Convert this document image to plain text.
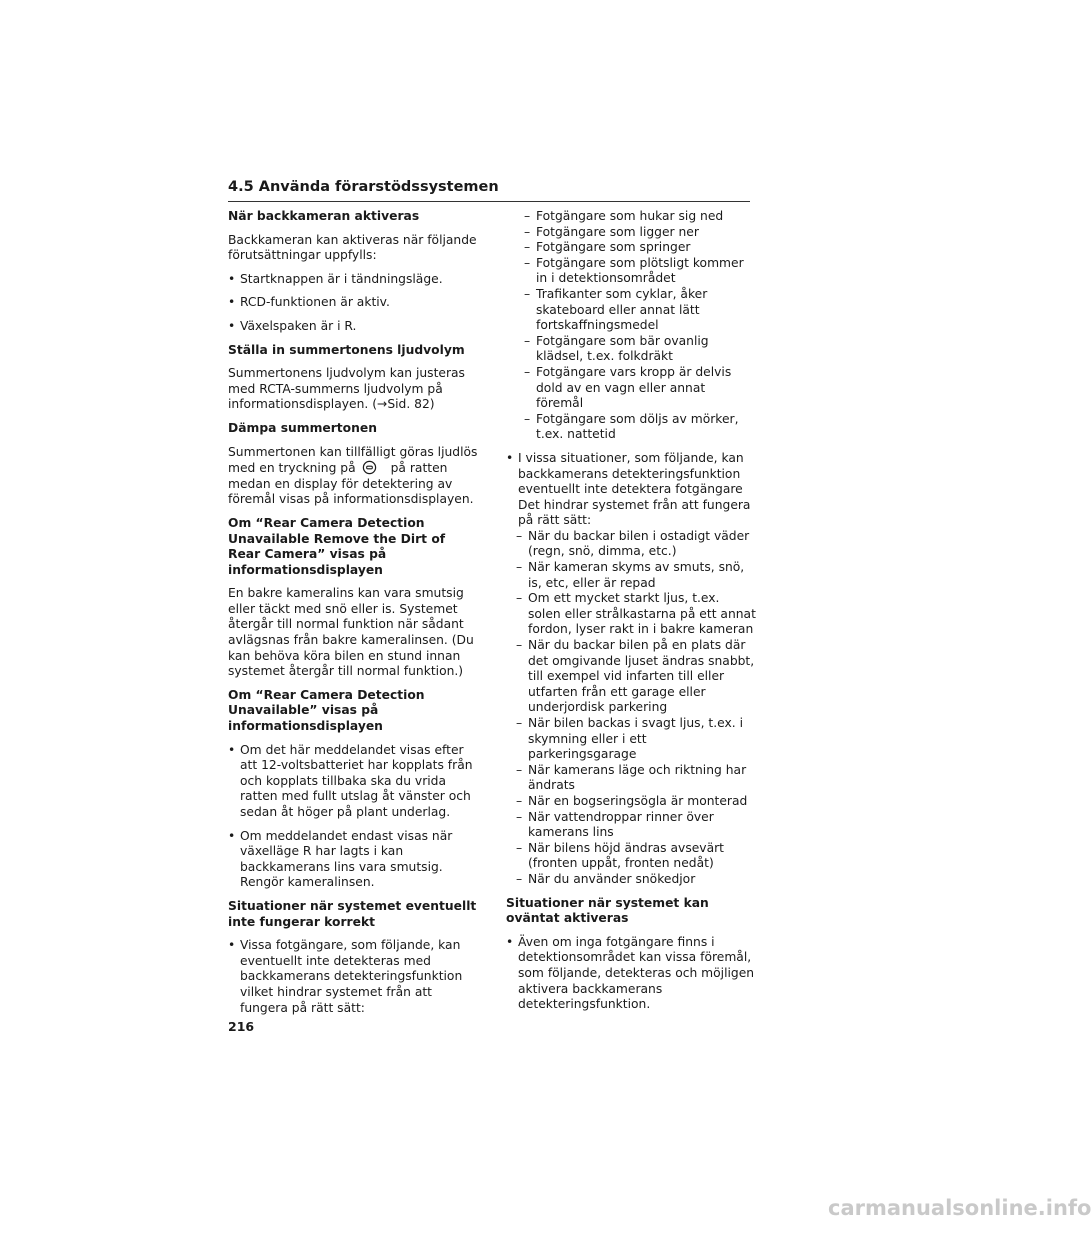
4.5 Använda förarstödssystemen
När backkameran aktiveras
Backkameran kan aktiveras när följande förutsättningar uppfylls:
• Startknappen är i tändningsläge.
• RCD-funktionen är aktiv.
• Växelspaken är i R.
Ställa in summertonens ljudvolym
Summertonens ljudvolym kan justeras med RCTA-summerns ljudvolym på informationsdisplayen. (→Sid. 82)
Dämpa summertonen
Summertonen kan tillfälligt göras ljudlös med en tryckning på	på ratten medan en display för detektering av föremål visas på informationsdisplayen.
Om “Rear Camera Detection Unavailable Remove the Dirt of Rear Camera” visas på informationsdisplayen
En bakre kameralins kan vara smutsig eller täckt med snö eller is. Systemet återgår till normal funktion när sådant avlägsnas från bakre kameralinsen. (Du kan behöva köra bilen en stund innan systemet återgår till normal funktion.)
Om “Rear Camera Detection Unavailable” visas på informationsdisplayen
• Om det här meddelandet visas efter att 12-voltsbatteriet har kopplats från och kopplats tillbaka ska du vrida ratten med fullt utslag åt vänster och sedan åt höger på plant underlag.
• Om meddelandet endast visas när växelläge R har lagts i kan backkamerans lins vara smutsig. Rengör kameralinsen.
Situationer när systemet eventuellt inte fungerar korrekt
• Vissa fotgängare, som följande, kan eventuellt inte detekteras med backkamerans detekteringsfunktion vilket hindrar systemet från att fungera på rätt sätt:
– Fotgängare som hukar sig ned
– Fotgängare som ligger ner
– Fotgängare som springer
– Fotgängare som plötsligt kommer in i detektionsområdet
– Trafikanter som cyklar, åker skateboard eller annat lätt fortskaffningsmedel
– Fotgängare som bär ovanlig klädsel, t.ex. folkdräkt
– Fotgängare vars kropp är delvis dold av en vagn eller annat föremål
– Fotgängare som döljs av mörker, t.ex. nattetid
• I vissa situationer, som följande, kan backkamerans detekteringsfunktion eventuellt inte detektera fotgängare Det hindrar systemet från att fungera på rätt sätt:
– När du backar bilen i ostadigt väder (regn, snö, dimma, etc.)
– När kameran skyms av smuts, snö, is, etc, eller är repad
– Om ett mycket starkt ljus, t.ex. solen eller strålkastarna på ett annat fordon, lyser rakt in i bakre kameran
– När du backar bilen på en plats där det omgivande ljuset ändras snabbt, till exempel vid infarten till eller utfarten från ett garage eller underjordisk parkering
– När bilen backas i svagt ljus, t.ex. i skymning eller i ett parkeringsgarage
– När kamerans läge och riktning har ändrats
– När en bogseringsögla är monterad
– När vattendroppar rinner över kamerans lins
– När bilens höjd ändras avsevärt (fronten uppåt, fronten nedåt)
– När du använder snökedjor
Situationer när systemet kan oväntat aktiveras
• Även om inga fotgängare finns i detektionsområdet kan vissa föremål, som följande, detekteras och möjligen aktivera backkamerans detekteringsfunktion.
216
carmanualsonline.info
